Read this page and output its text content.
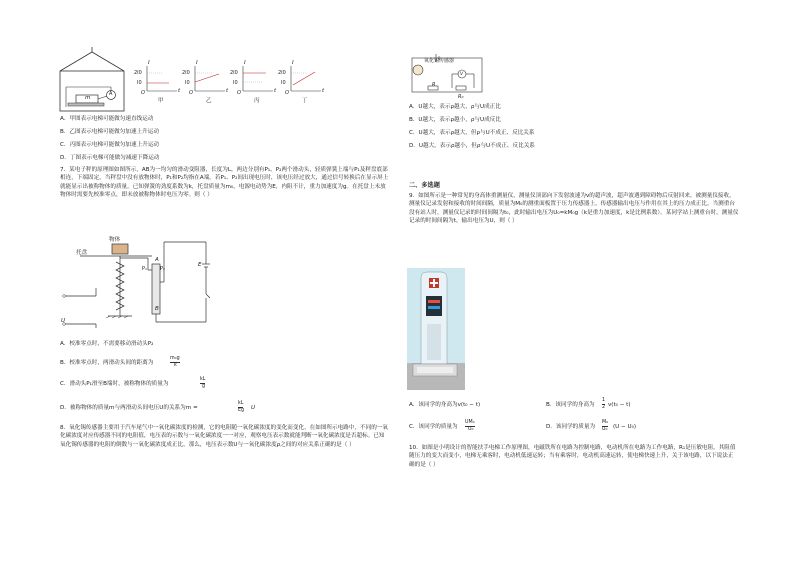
m
A
I
2I0
I0
O	t
甲
I
2I0
I0
O	t
乙
I
2I0
I0
O	t
丙
I
2I0
I0
O	t
丁
A．甲图表示电梯可能做匀速直线运动
B．乙图表示电梯可能做匀加速上升运动
C．丙图表示电梯可能做匀加速上升运动
D．丁图表示电梯可能做匀减速下降运动
7．某电子秤的原理图如图所示，AB为一均匀的滑动变阻器，长度为L，两边分别有P₁、P₂两个滑动头，轻质弹簧上端与P₁及秤盘底部相连，下端固定，当秤盘中没有放物体时，P₁和P₂均指在A端。若P₁、P₂间出现电压时，该电压经过放大，通过信号转换后在显示屏上就能显示出被称物体的质量。已知弹簧的劲度系数为k，托盘质量为m₀，电源电动势为E，内阻不计，重力加速度为g。在托盘上未放物体时需要先校准零点，即未放被称物体时电压为零。则（ ）
物体
托盘
P₁	P₂
A
B
E
U
A．校准零点时，不需要移动滑动头P₂
B．校准零点时，两滑动头间的距离为
m₀g
k
C．滑动头P₁滑至B端时，被称物体的质量为
kL
g
D．被称物体的质量m与两滑动头间电压U的关系为m =
kL
Eg U
8．氧化锡传感器主要用于汽车尾气中一氧化碳浓度的检测，它的电阻随一氧化碳浓度的变化而变化，在如图所示电路中，不同的一氧化碳浓度对应传感器不同的电阻值，电压表的示数与一氧化碳浓度一一对应，观察电压表示数就能判断一氧化碳浓度是否超标。已知氧化锡传感器的电阻的倒数与一氧化碳浓度成正比，那么，电压表示数U与一氧化碳浓度ρ之间的对应关系正确的是（ ）
氧化锡传感器
V
R
R₀
A．U越大，表示ρ越大，ρ与U成正比
B．U越大，表示ρ越小，ρ与U成反比
C．U越大，表示ρ越大，但ρ与U不成正、反比关系
D．U越大，表示ρ越小，但ρ与U不成正、反比关系
二、多选题
9．如图所示是一种常见的身高体重测量仪，测量仪顶部向下发射波速为v的超声波，超声波遇到障碍物后反射回来，被测量仪接收，测量仪记录发射和接收的时间间隔，质量为M₀的测重面板置于压力传感器上，传感器输出电压与作用在其上的压力成正比。当测重台没有站人时，测量仪记录的时间间隔为t₀，此时输出电压为U₀=kM₀g（k是重力加速度，k是比例系数）。某同学站上测重台时，测量仪记录的时间间隔为t，输出电压为U，则（ ）
A．该同学的身高为v(t₀ − t)	B．该同学的身高为
1
2 v(t₀ − t)
C．该同学的质量为
UM₀
U₀	D．该同学的质量为
M₀
U₀ (U − U₀)
10．如图是小明设计的智能扶手电梯工作原理图，电磁铁所在电路为控制电路，电动机所在电路为工作电路，R₁是压敏电阻，其阻值随压力的变大而变小，电梯无乘客时，电动机低速运转；当有乘客时，电动机高速运转，使电梯快速上升，关于该电路，以下说法正确的是（ ）
